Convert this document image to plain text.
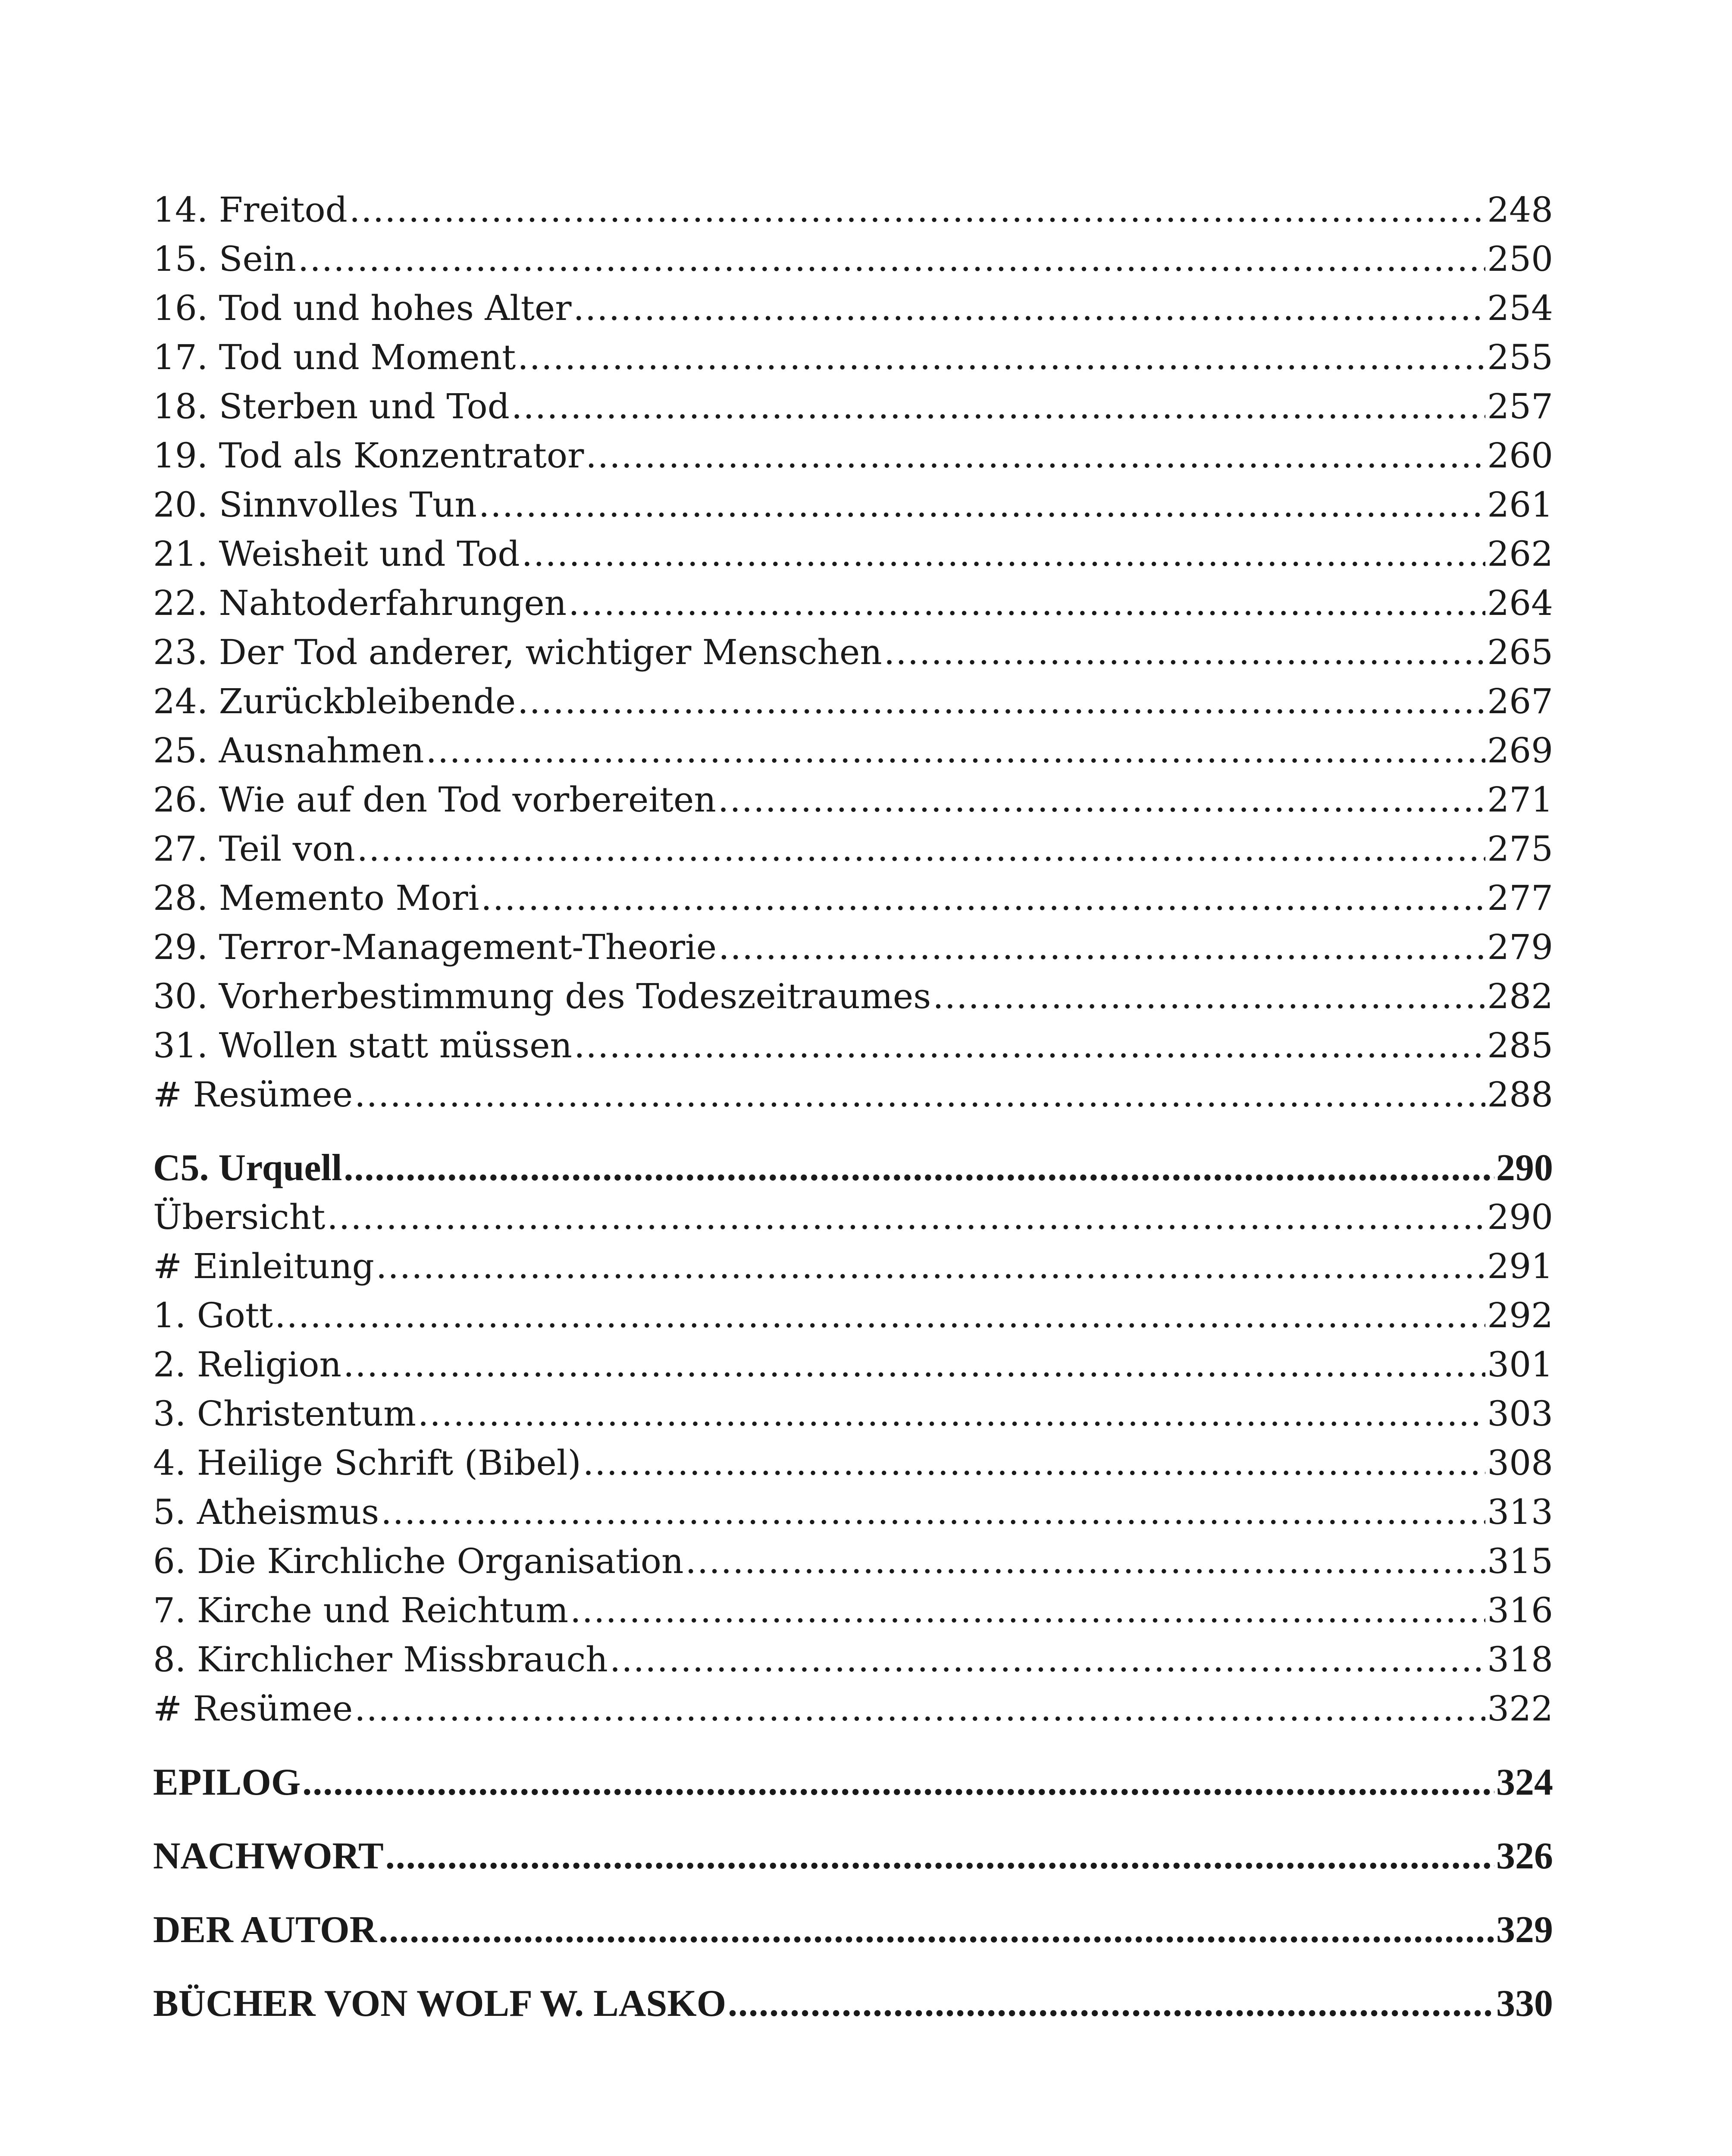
14. Freitod .....	248
15. Sein .....	250
16. Tod und hohes Alter .....	254
17. Tod und Moment .....	255
18. Sterben und Tod .....	257
19. Tod als Konzentrator .....	260
20. Sinnvolles Tun .....	261
21. Weisheit und Tod .....	262
22. Nahtoderfahrungen .....	264
23. Der Tod anderer, wichtiger Menschen .....	265
24. Zurückbleibende .....	267
25. Ausnahmen .....	269
26. Wie auf den Tod vorbereiten .....	271
27. Teil von .....	275
28. Memento Mori .....	277
29. Terror-Management-Theorie .....	279
30. Vorherbestimmung des Todeszeitraumes .....	282
31. Wollen statt müssen .....	285
# Resümee .....	288
C5. Urquell .....	290
Übersicht .....	290
# Einleitung .....	291
1. Gott .....	292
2. Religion .....	301
3. Christentum .....	303
4. Heilige Schrift (Bibel) .....	308
5. Atheismus .....	313
6. Die Kirchliche Organisation .....	315
7. Kirche und Reichtum .....	316
8. Kirchlicher Missbrauch .....	318
# Resümee .....	322
EPILOG .....	324
NACHWORT .....	326
DER AUTOR .....	329
BÜCHER VON WOLF W. LASKO .....	330
